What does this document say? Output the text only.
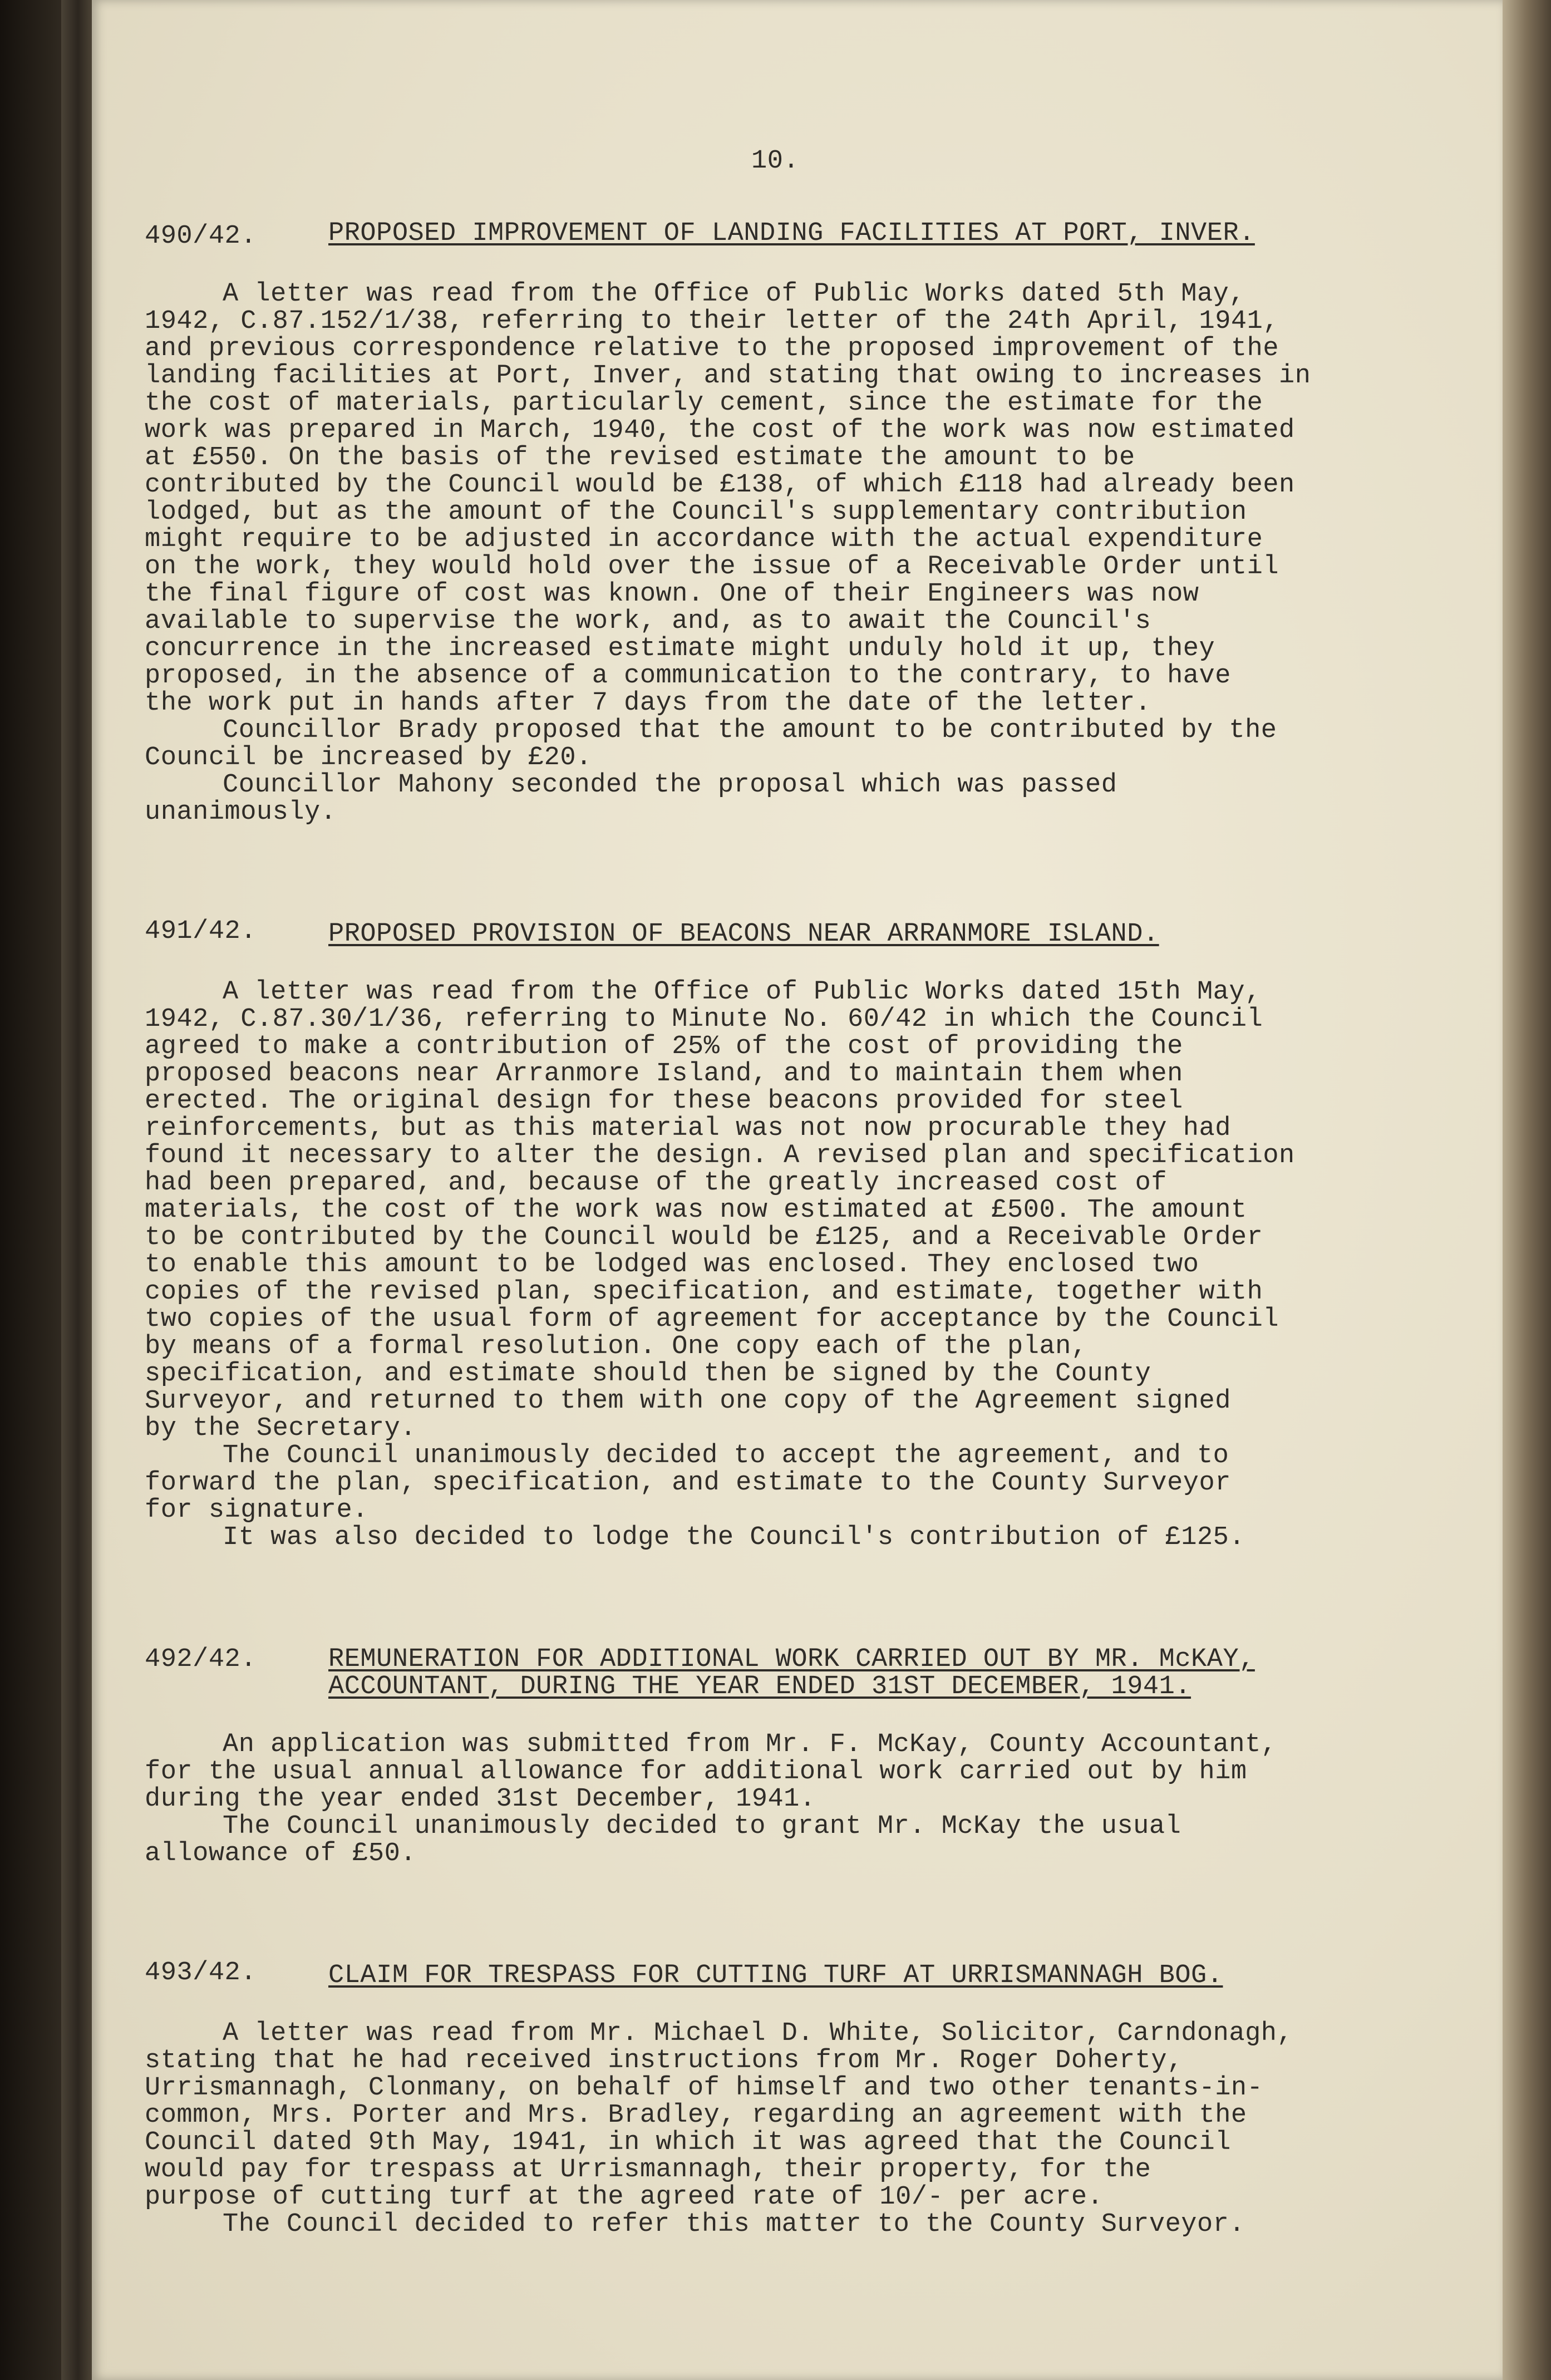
10.
490/42.	PROPOSED IMPROVEMENT OF LANDING FACILITIES AT PORT, INVER.

A letter was read from the Office of Public Works dated 5th May,
1942, C.87.152/1/38, referring to their letter of the 24th April, 1941,
and previous correspondence relative to the proposed improvement of the
landing facilities at Port, Inver, and stating that owing to increases in
the cost of materials, particularly cement, since the estimate for the
work was prepared in March, 1940, the cost of the work was now estimated
at £550. On the basis of the revised estimate the amount to be
contributed by the Council would be £138, of which £118 had already been
lodged, but as the amount of the Council's supplementary contribution
might require to be adjusted in accordance with the actual expenditure
on the work, they would hold over the issue of a Receivable Order until
the final figure of cost was known. One of their Engineers was now
available to supervise the work, and, as to await the Council's
concurrence in the increased estimate might unduly hold it up, they
proposed, in the absence of a communication to the contrary, to have
the work put in hands after 7 days from the date of the letter.

Councillor Brady proposed that the amount to be contributed by the
Council be increased by £20.

Councillor Mahony seconded the proposal which was passed
unanimously.

491/42.	PROPOSED PROVISION OF BEACONS NEAR ARRANMORE ISLAND.

A letter was read from the Office of Public Works dated 15th May,
1942, C.87.30/1/36, referring to Minute No. 60/42 in which the Council
agreed to make a contribution of 25% of the cost of providing the
proposed beacons near Arranmore Island, and to maintain them when
erected. The original design for these beacons provided for steel
reinforcements, but as this material was not now procurable they had
found it necessary to alter the design. A revised plan and specification
had been prepared, and, because of the greatly increased cost of
materials, the cost of the work was now estimated at £500. The amount
to be contributed by the Council would be £125, and a Receivable Order
to enable this amount to be lodged was enclosed. They enclosed two
copies of the revised plan, specification, and estimate, together with
two copies of the usual form of agreement for acceptance by the Council
by means of a formal resolution. One copy each of the plan,
specification, and estimate should then be signed by the County
Surveyor, and returned to them with one copy of the Agreement signed
by the Secretary.

The Council unanimously decided to accept the agreement, and to
forward the plan, specification, and estimate to the County Surveyor
for signature.

It was also decided to lodge the Council's contribution of £125.

492/42.	REMUNERATION FOR ADDITIONAL WORK CARRIED OUT BY MR. McKAY,
ACCOUNTANT, DURING THE YEAR ENDED 31ST DECEMBER, 1941.

An application was submitted from Mr. F. McKay, County Accountant,
for the usual annual allowance for additional work carried out by him
during the year ended 31st December, 1941.

The Council unanimously decided to grant Mr. McKay the usual
allowance of £50.

493/42.	CLAIM FOR TRESPASS FOR CUTTING TURF AT URRISMANNAGH BOG.

A letter was read from Mr. Michael D. White, Solicitor, Carndonagh,
stating that he had received instructions from Mr. Roger Doherty,
Urrismannagh, Clonmany, on behalf of himself and two other tenants-in-
common, Mrs. Porter and Mrs. Bradley, regarding an agreement with the
Council dated 9th May, 1941, in which it was agreed that the Council
would pay for trespass at Urrismannagh, their property, for the
purpose of cutting turf at the agreed rate of 10/- per acre.

The Council decided to refer this matter to the County Surveyor.
